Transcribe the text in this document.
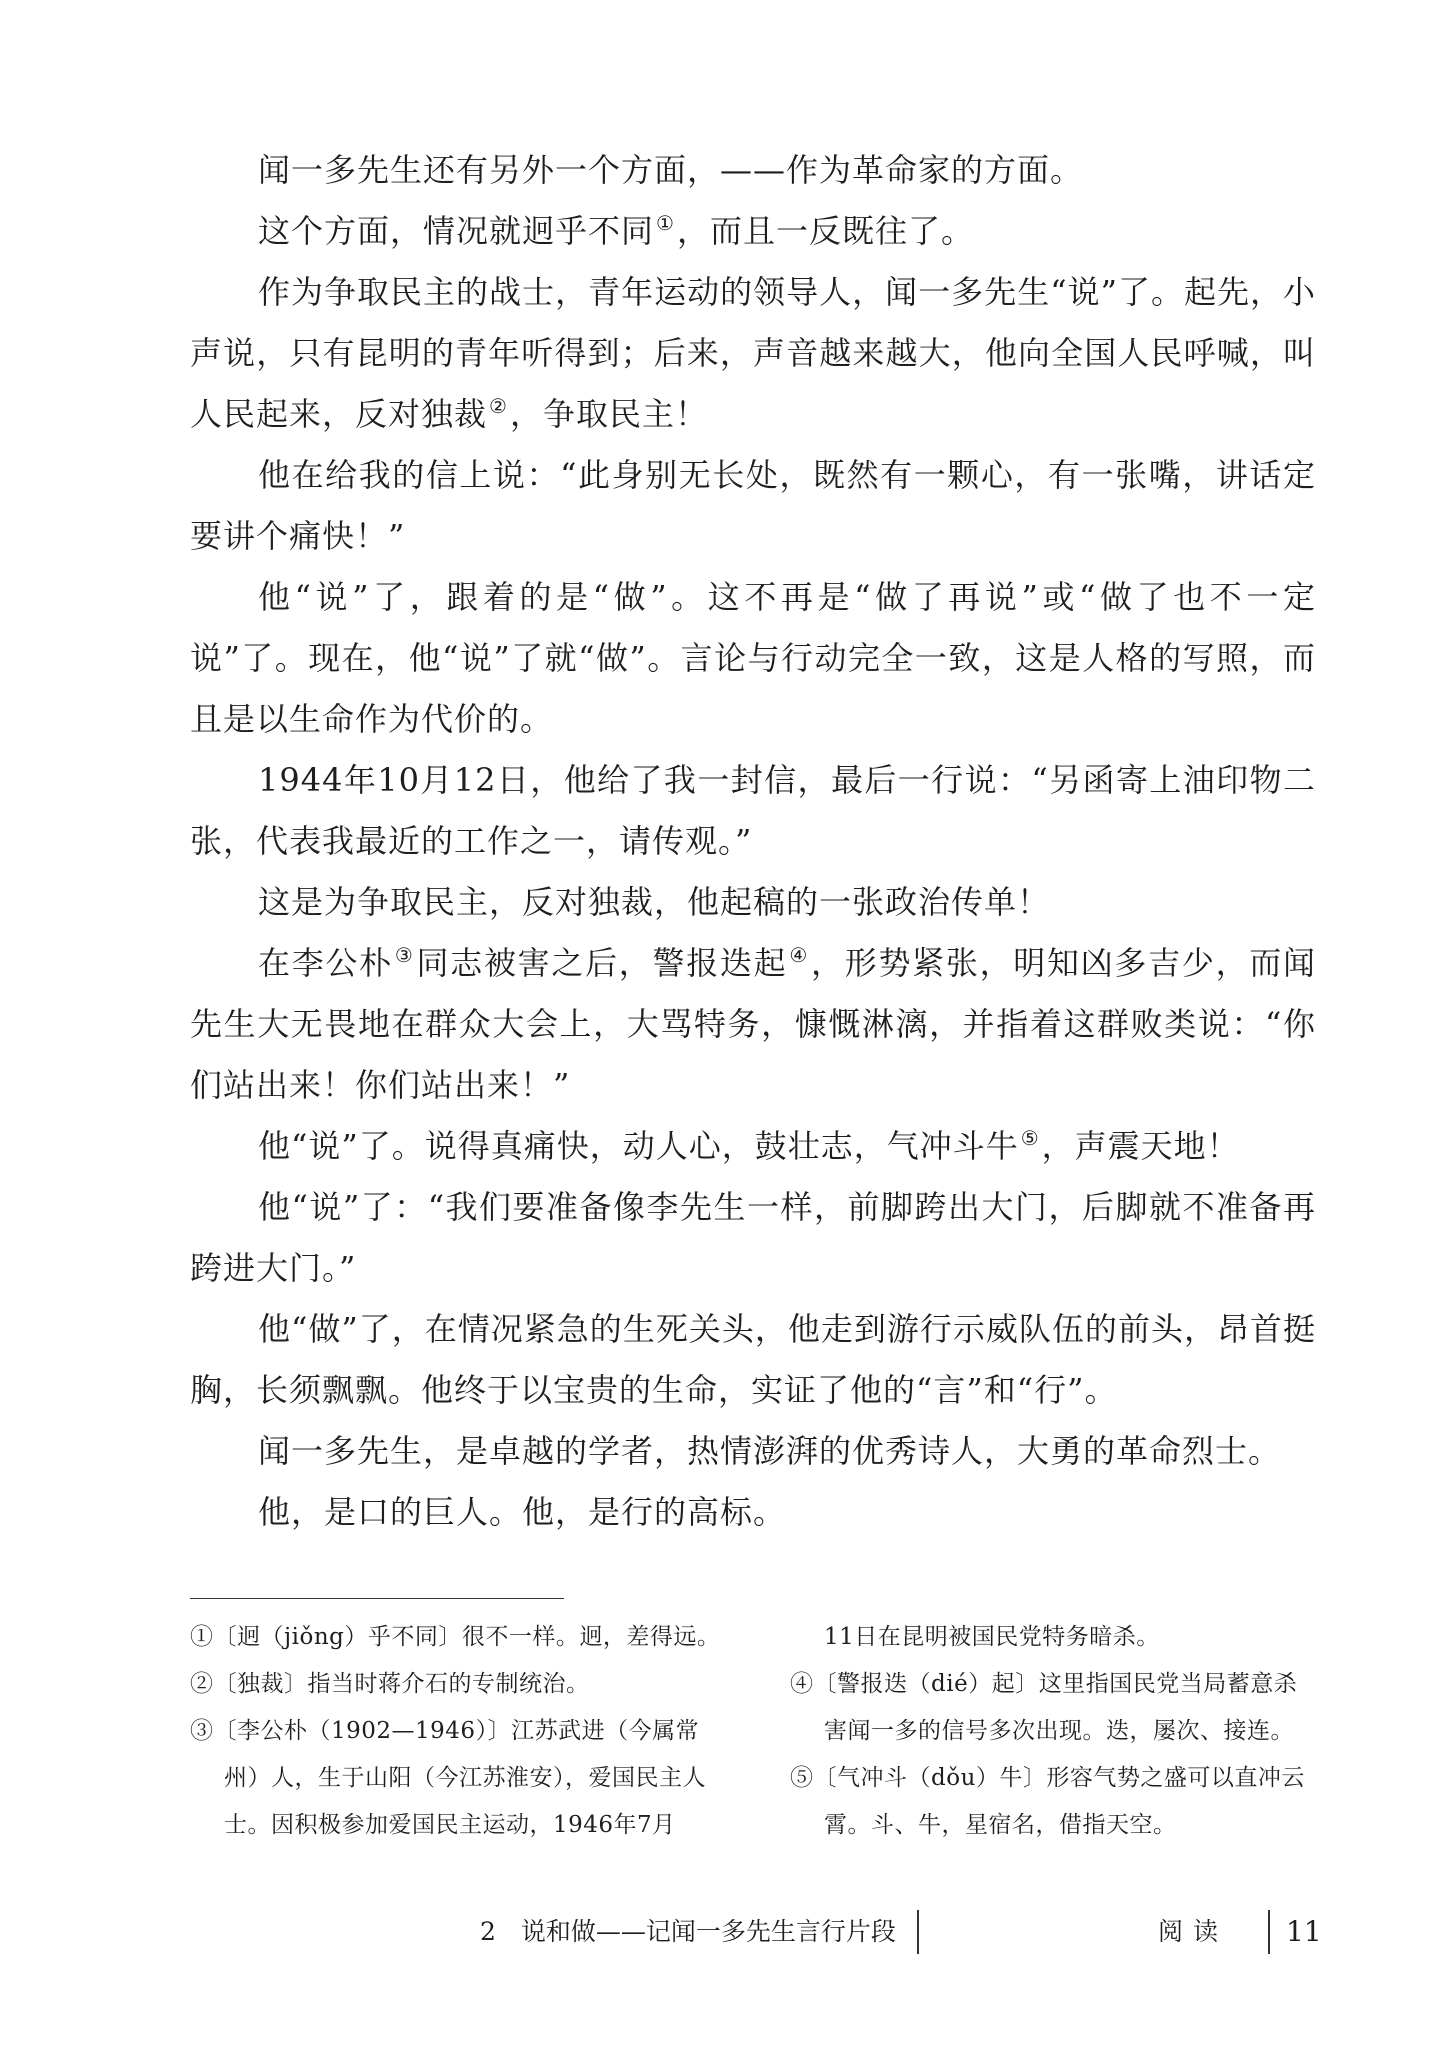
闻一多先生还有另外一个方面，——作为革命家的方面。

这个方面，情况就迥乎不同 ①，而且一反既往了。

作为争取民主的战士，青年运动的领导人，闻一多先生“说”了。起先，小声说，只有昆明的青年听得到；后来，声音越来越大，他向全国人民呼喊，叫人民起来，反对独裁 ②，争取民主！

他在给我的信上说：“此身别无长处，既然有一颗心，有一张嘴，讲话定要讲个痛快！”

他“说”了，跟着的是“做”。这不再是“做了再说”或“做了也不一定说”了。现在，他“说”了就“做”。言论与行动完全一致，这是人格的写照，而且是以生命作为代价的。

1944年10月12日，他给了我一封信，最后一行说：“另函寄上油印物二张，代表我最近的工作之一，请传观。”

这是为争取民主，反对独裁，他起稿的一张政治传单！

在李公朴 ③同志被害之后，警报迭起 ④，形势紧张，明知凶多吉少，而闻先生大无畏地在群众大会上，大骂特务，慷慨淋漓，并指着这群败类说：“你们站出来！你们站出来！”

他“说”了。说得真痛快，动人心，鼓壮志，气冲斗牛 ⑤，声震天地！

他“说”了：“我们要准备像李先生一样，前脚跨出大门，后脚就不准备再跨进大门。”

他“做”了，在情况紧急的生死关头，他走到游行示威队伍的前头，昂首挺胸，长须飘飘。他终于以宝贵的生命，实证了他的“言”和“行”。

闻一多先生，是卓越的学者，热情澎湃的优秀诗人，大勇的革命烈士。

他，是口的巨人。他，是行的高标。

①〔迥（jiǒng）乎不同〕很不一样。迥，差得远。

②〔独裁〕指当时蒋介石的专制统治。

③〔李公朴（1902—1946）〕江苏武进（今属常州）人，生于山阳（今江苏淮安），爱国民主人士。因积极参加爱国民主运动，1946年7月

11日在昆明被国民党特务暗杀。

④〔警报迭（dié）起〕这里指国民党当局蓄意杀害闻一多的信号多次出现。迭，屡次、接连。

⑤〔气冲斗（dǒu）牛〕形容气势之盛可以直冲云霄。斗、牛，星宿名，借指天空。

2　说和做——记闻一多先生言行片段	阅读 11
